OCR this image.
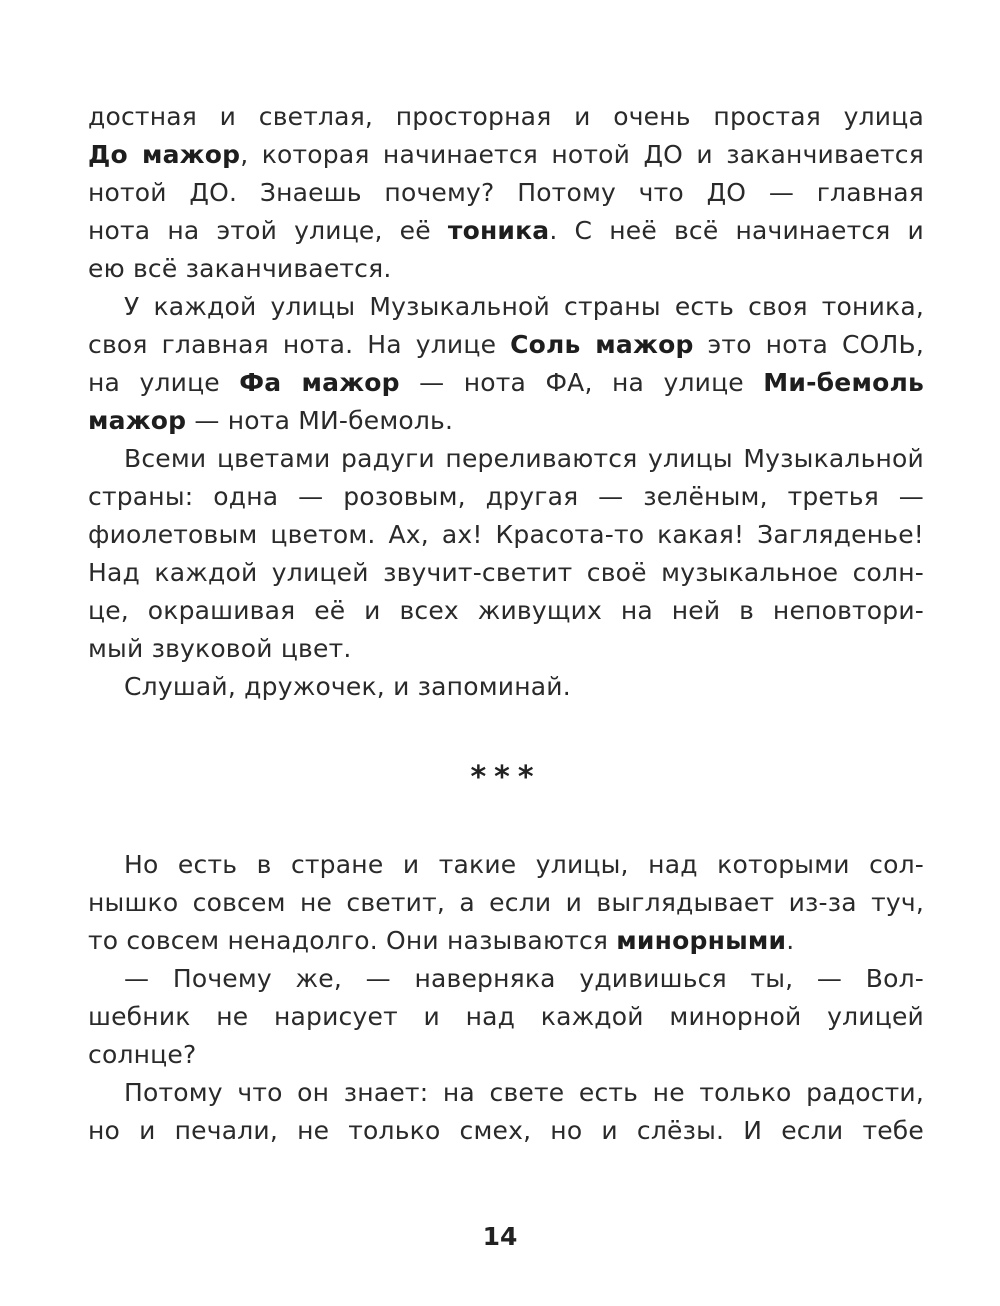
достная и светлая, просторная и очень простая улица
До мажор, которая начинается нотой ДО и заканчивается
нотой ДО. Знаешь почему? Потому что ДО — главная
нота на этой улице, её тоника. С неё всё начинается и
ею всё заканчивается.
У каждой улицы Музыкальной страны есть своя тоника,
своя главная нота. На улице Соль мажор это нота СОЛЬ,
на улице Фа мажор — нота ФА, на улице Ми-бемоль
мажор — нота МИ-бемоль.
Всеми цветами радуги переливаются улицы Музыкальной
страны: одна — розовым, другая — зелёным, третья —
фиолетовым цветом. Ах, ах! Красота-то какая! Загляденье!
Над каждой улицей звучит-светит своё музыкальное солн-
це, окрашивая её и всех живущих на ней в неповтори-
мый звуковой цвет.
Слушай, дружочек, и запоминай.
***
Но есть в стране и такие улицы, над которыми сол-
нышко совсем не светит, а если и выглядывает из-за туч,
то совсем ненадолго. Они называются минорными.
— Почему же, — наверняка удивишься ты, — Вол-
шебник не нарисует и над каждой минорной улицей
солнце?
Потому что он знает: на свете есть не только радости,
но и печали, не только смех, но и слёзы. И если тебе
14
